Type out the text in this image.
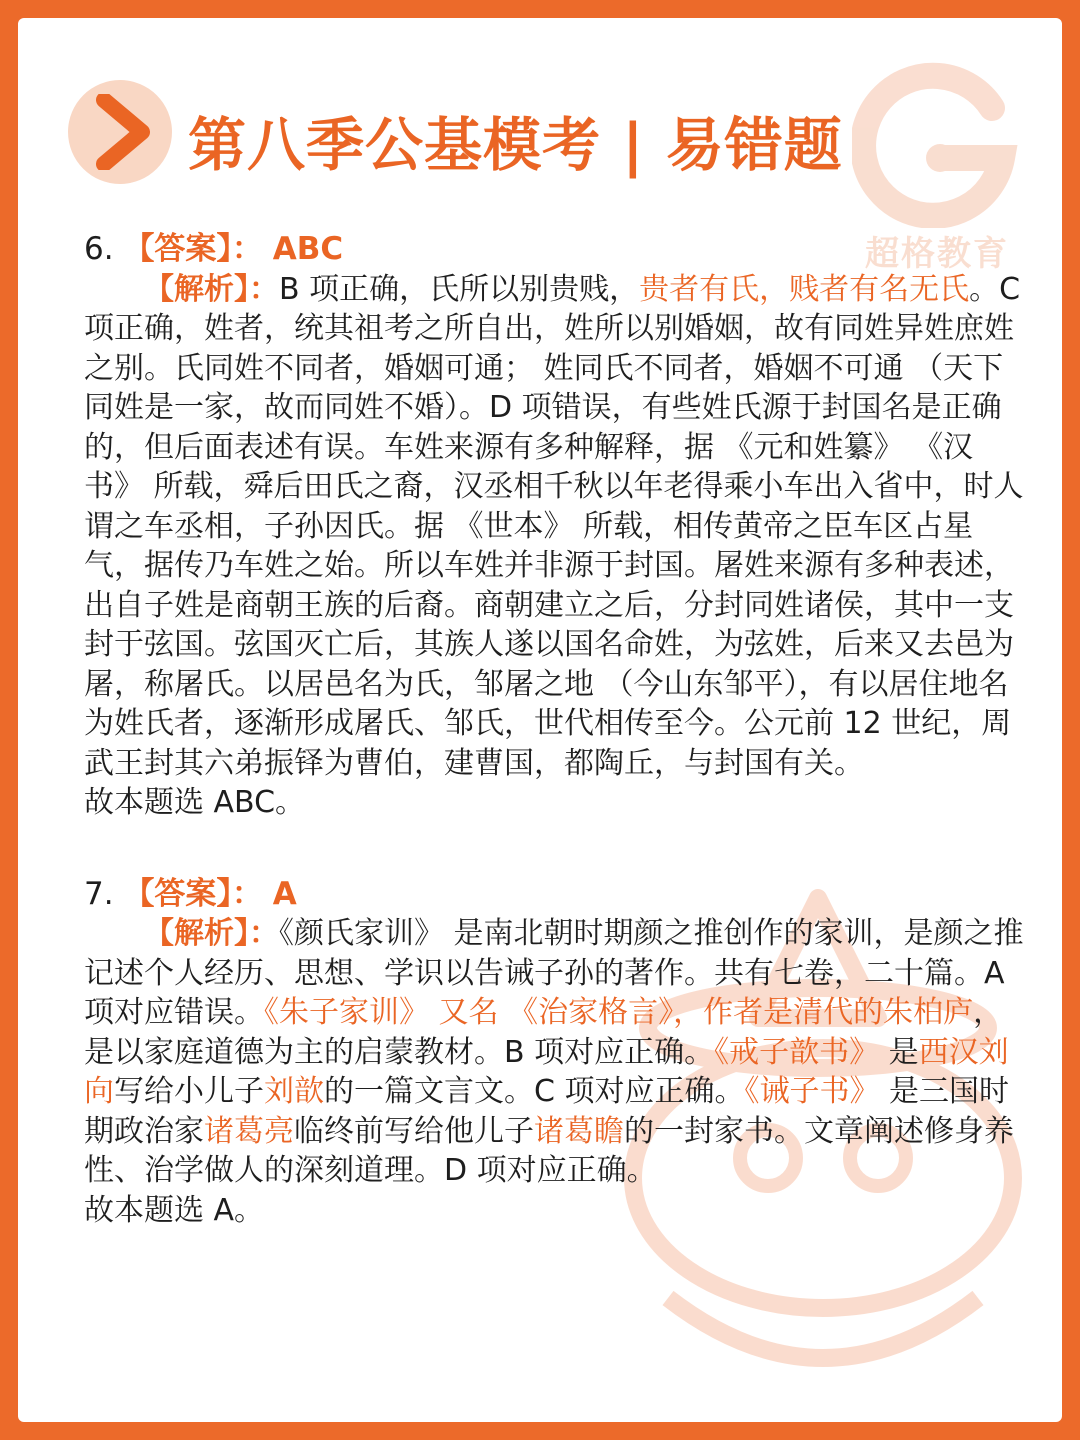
第八季公基模考 | 易错题
超格教育
6. 【答案】： ABC
【解析】：B 项正确，氏所以别贵贱，贵者有氏，贱者有名无氏。C 项正确，姓者，统其祖考之所自出，姓所以别婚姻，故有同姓异姓庶姓之别。氏同姓不同者，婚姻可通； 姓同氏不同者，婚姻不可通 （天下同姓是一家，故而同姓不婚）。D 项错误，有些姓氏源于封国名是正确的，但后面表述有误。车姓来源有多种解释，据 《元和姓纂》 《汉书》 所载，舜后田氏之裔，汉丞相千秋以年老得乘小车出入省中，时人谓之车丞相，子孙因氏。据 《世本》 所载，相传黄帝之臣车区占星气，据传乃车姓之始。所以车姓并非源于封国。屠姓来源有多种表述，出自子姓是商朝王族的后裔。商朝建立之后，分封同姓诸侯，其中一支封于弦国。弦国灭亡后，其族人遂以国名命姓，为弦姓，后来又去邑为屠，称屠氏。以居邑名为氏，邹屠之地 （今山东邹平），有以居住地名为姓氏者，逐渐形成屠氏、邹氏，世代相传至今。公元前 12 世纪，周武王封其六弟振铎为曹伯，建曹国，都陶丘，与封国有关。
故本题选 ABC。
7. 【答案】： A
【解析】：《颜氏家训》 是南北朝时期颜之推创作的家训，是颜之推记述个人经历、思想、学识以告诫子孙的著作。共有七卷，二十篇。A 项对应错误。《朱子家训》 又名 《治家格言》，作者是清代的朱柏庐，是以家庭道德为主的启蒙教材。B 项对应正确。《戒子歆书》 是西汉刘向写给小儿子刘歆的一篇文言文。C 项对应正确。《诫子书》 是三国时期政治家诸葛亮临终前写给他儿子诸葛瞻的一封家书。文章阐述修身养性、治学做人的深刻道理。D 项对应正确。
故本题选 A。
